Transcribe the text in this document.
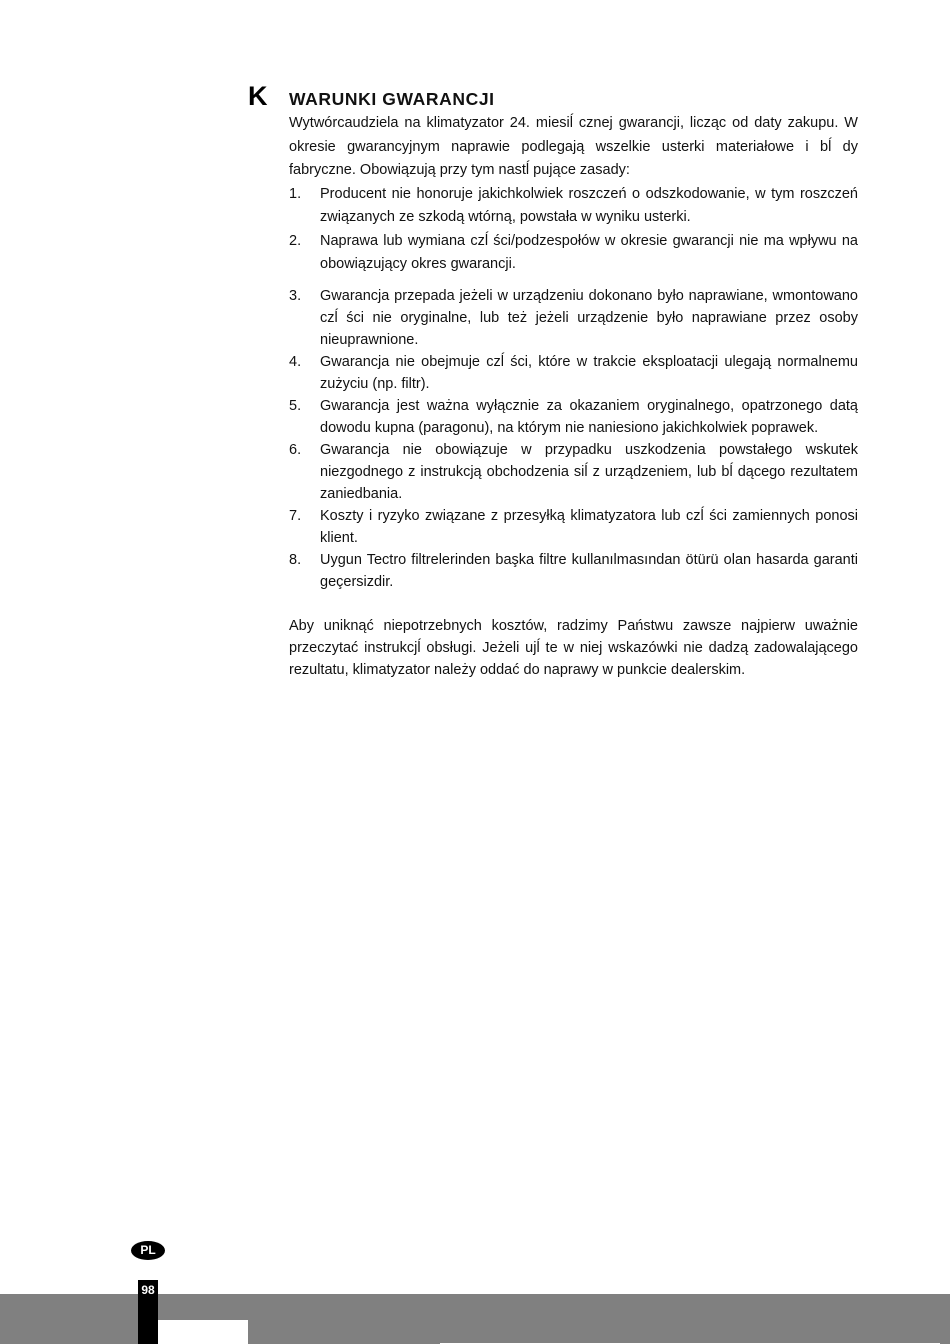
K WARUNKI GWARANCJI

Wytwórcaudziela na klimatyzator 24. miesiĺ cznej gwarancji, licząc od daty zakupu. W okresie gwarancyjnym naprawie podlegają wszelkie usterki materiałowe i bĺ dy fabryczne. Obowiązują przy tym nastĺ pujące zasady:

1.	Producent nie honoruje jakichkolwiek roszczeń o odszkodowanie, w tym roszczeń związanych ze szkodą wtórną, powstała w wyniku usterki.
2.	Naprawa lub wymiana czĺ ści/podzespołów w okresie gwarancji nie ma wpływu na obowiązujący okres gwarancji.
3.	Gwarancja przepada jeżeli w urządzeniu dokonano było naprawiane, wmontowano czĺ ści nie oryginalne, lub też jeżeli urządzenie było naprawiane przez osoby nieuprawnione.
4.	Gwarancja nie obejmuje czĺ ści, które w trakcie eksploatacji ulegają normalnemu zużyciu (np. filtr).
5.	Gwarancja jest ważna wyłącznie za okazaniem oryginalnego, opatrzonego datą dowodu kupna (paragonu), na którym nie naniesiono jakichkolwiek poprawek.
6.	Gwarancja nie obowiązuje w przypadku uszkodzenia powstałego wskutek niezgodnego z instrukcją obchodzenia siĺ z urządzeniem, lub bĺ dącego rezultatem zaniedbania.
7.	Koszty i ryzyko związane z przesyłką klimatyzatora lub czĺ ści zamiennych ponosi klient.
8.	Uygun Tectro filtrelerinden başka filtre kullanılmasından ötürü olan hasarda garanti geçersizdir.

Aby uniknąć niepotrzebnych kosztów, radzimy Państwu zawsze najpierw uważnie przeczytać instrukcjĺ obsługi. Jeżeli ujĺ te w niej wskazówki nie dadzą zadowalającego rezultatu, klimatyzator należy oddać do naprawy w punkcie dealerskim.

PL
98
